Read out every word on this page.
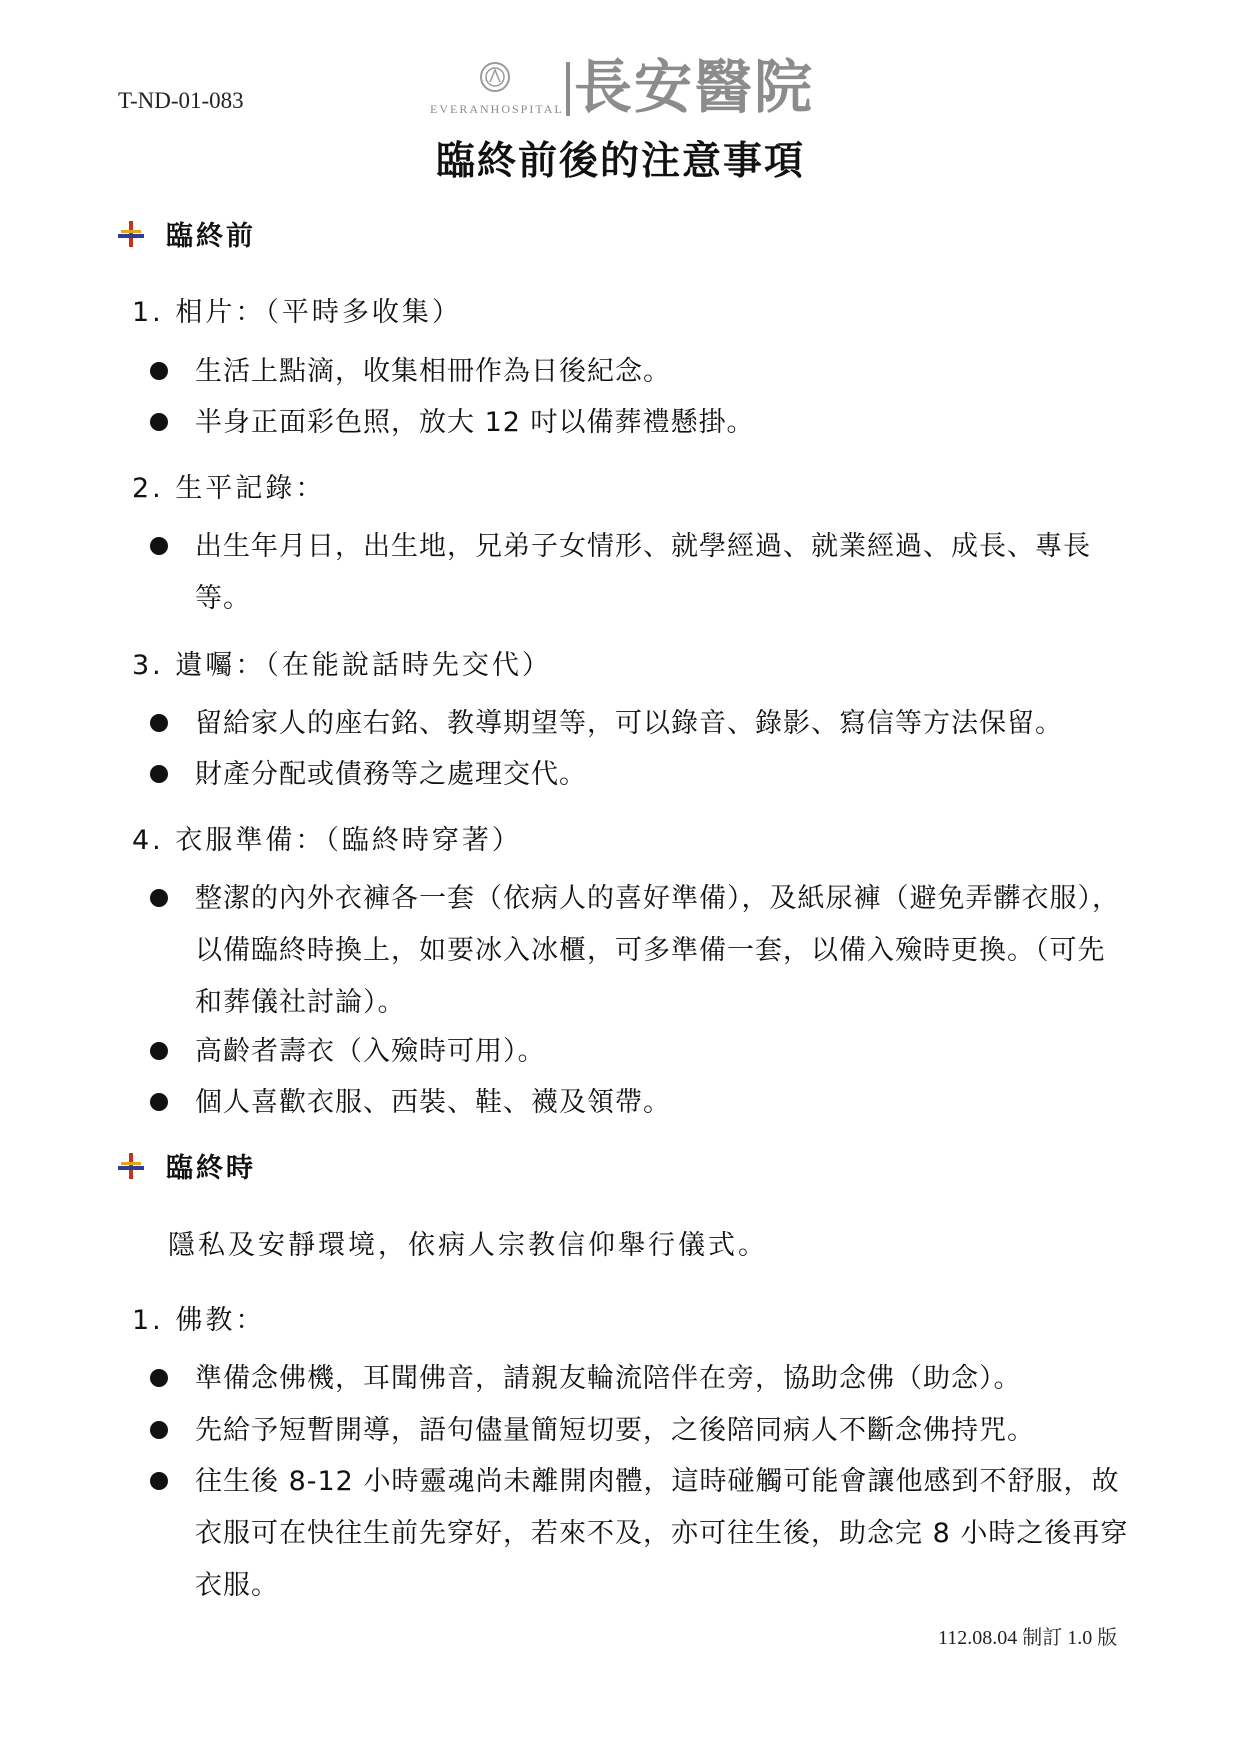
T-ND-01-083	EVERANHOSPITAL 長安醫院
臨終前後的注意事項
臨終前
1. 相片：（平時多收集）
生活上點滴，收集相冊作為日後紀念。
半身正面彩色照，放大 12 吋以備葬禮懸掛。
2. 生平記錄：
出生年月日，出生地，兄弟子女情形、就學經過、就業經過、成長、專長等。
3. 遺囑：（在能說話時先交代）
留給家人的座右銘、教導期望等，可以錄音、錄影、寫信等方法保留。
財產分配或債務等之處理交代。
4. 衣服準備：（臨終時穿著）
整潔的內外衣褲各一套（依病人的喜好準備），及紙尿褲（避免弄髒衣服），以備臨終時換上，如要冰入冰櫃，可多準備一套，以備入殮時更換。（可先和葬儀社討論）。
高齡者壽衣（入殮時可用）。
個人喜歡衣服、西裝、鞋、襪及領帶。
臨終時
隱私及安靜環境，依病人宗教信仰舉行儀式。
1. 佛教：
準備念佛機，耳聞佛音，請親友輪流陪伴在旁，協助念佛（助念）。
先給予短暫開導，語句儘量簡短切要，之後陪同病人不斷念佛持咒。
往生後 8-12 小時靈魂尚未離開肉體，這時碰觸可能會讓他感到不舒服，故衣服可在快往生前先穿好，若來不及，亦可往生後，助念完 8 小時之後再穿衣服。
112.08.04 制訂 1.0 版
